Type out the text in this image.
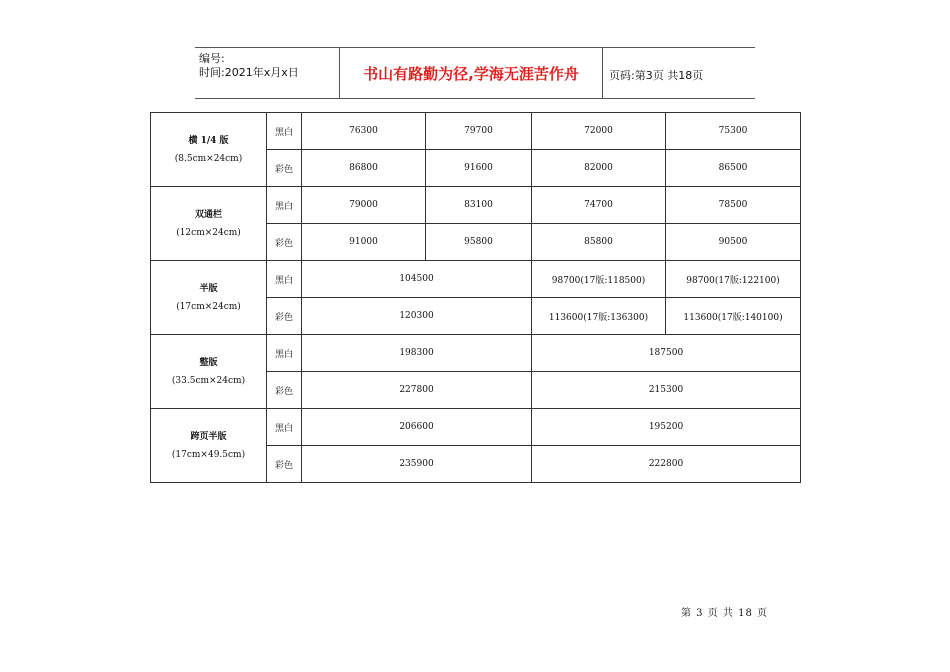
编号:
时间:2021年x月x日	书山有路勤为径,学海无涯苦作舟	页码:第3页 共18页
横 1/4 版
(8.5cm×24cm)	黑白	76300	79700	72000	75300
	彩色	86800	91600	82000	86500
双通栏
(12cm×24cm)	黑白	79000	83100	74700	78500
	彩色	91000	95800	85800	90500
半版
(17cm×24cm)	黑白	104500		98700(17版:118500)	98700(17版:122100)
	彩色	120300		113600(17版:136300)	113600(17版:140100)
整版
(33.5cm×24cm)	黑白	198300		187500	
	彩色	227800		215300	
跨页半版
(17cm×49.5cm)	黑白	206600		195200	
	彩色	235900		222800	
第 3 页 共 18 页
